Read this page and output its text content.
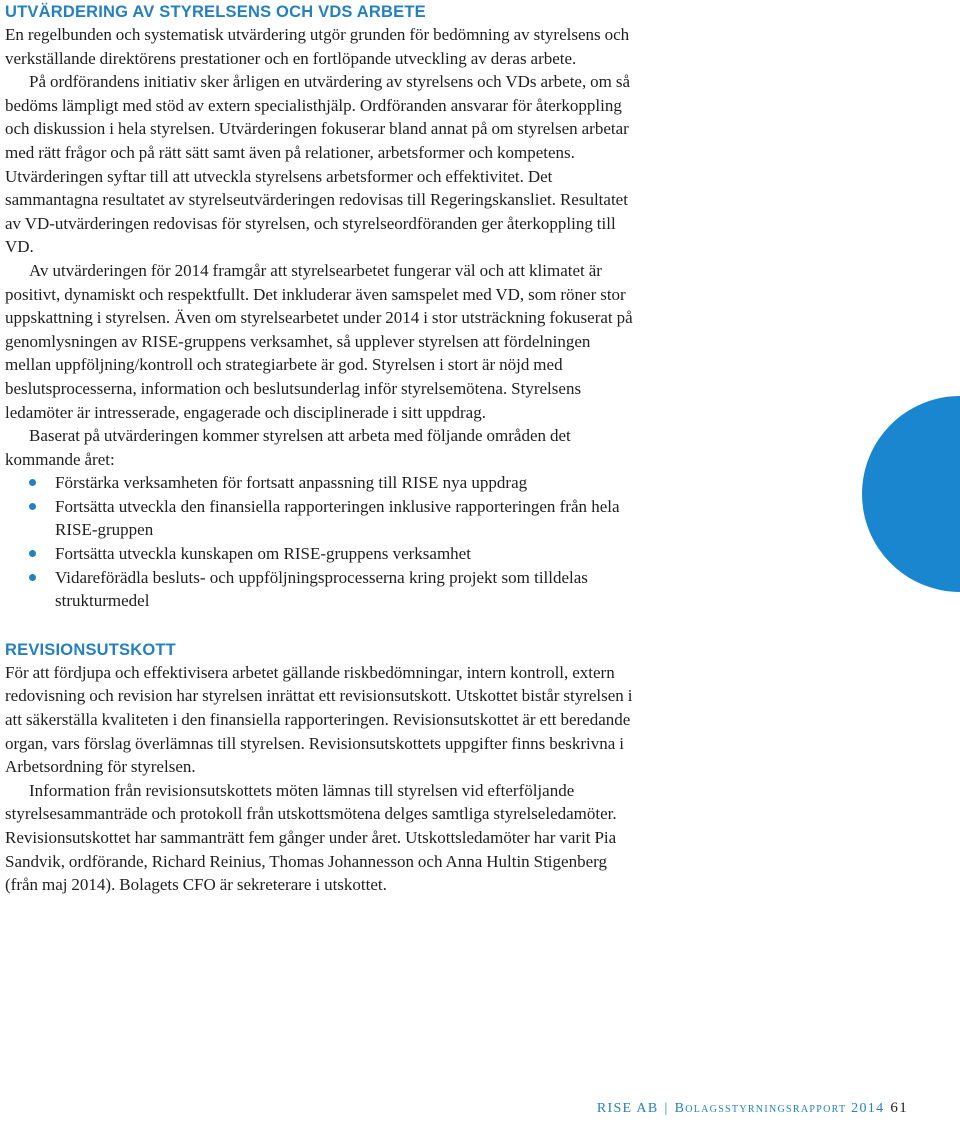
UTVÄRDERING AV STYRELSENS OCH VDS ARBETE

En regelbunden och systematisk utvärdering utgör grunden för bedömning av styrelsens och verkställande direktörens prestationer och en fortlöpande utveckling av deras arbete.

På ordförandens initiativ sker årligen en utvärdering av styrelsens och VDs arbete, om så bedöms lämpligt med stöd av extern specialisthjälp. Ordföranden ansvarar för återkoppling och diskussion i hela styrelsen. Utvärderingen fokuserar bland annat på om styrelsen arbetar med rätt frågor och på rätt sätt samt även på relationer, arbetsformer och kompetens. Utvärderingen syftar till att utveckla styrelsens arbetsformer och effektivitet. Det sammantagna resultatet av styrelseutvärderingen redovisas till Regeringskansliet. Resultatet av VD-utvärderingen redovisas för styrelsen, och styrelseordföranden ger återkoppling till VD.

Av utvärderingen för 2014 framgår att styrelsearbetet fungerar väl och att klimatet är positivt, dynamiskt och respektfullt. Det inkluderar även samspelet med VD, som röner stor uppskattning i styrelsen. Även om styrelsearbetet under 2014 i stor utsträckning fokuserat på genomlysningen av RISE-gruppens verksamhet, så upplever styrelsen att fördelningen mellan uppföljning/kontroll och strategiarbete är god. Styrelsen i stort är nöjd med beslutsprocesserna, information och beslutsunderlag inför styrelsemötena. Styrelsens ledamöter är intresserade, engagerade och disciplinerade i sitt uppdrag.

Baserat på utvärderingen kommer styrelsen att arbeta med följande områden det kommande året:

Förstärka verksamheten för fortsatt anpassning till RISE nya uppdrag
Fortsätta utveckla den finansiella rapporteringen inklusive rapporteringen från hela RISE-gruppen
Fortsätta utveckla kunskapen om RISE-gruppens verksamhet
Vidareförädla besluts- och uppföljningsprocesserna kring projekt som tilldelas strukturmedel
REVISIONSUTSKOTT

För att fördjupa och effektivisera arbetet gällande riskbedömningar, intern kontroll, extern redovisning och revision har styrelsen inrättat ett revisionsutskott. Utskottet bistår styrelsen i att säkerställa kvaliteten i den finansiella rapporteringen. Revisionsutskottet är ett beredande organ, vars förslag överlämnas till styrelsen. Revisionsutskottets uppgifter finns beskrivna i Arbetsordning för styrelsen.

Information från revisionsutskottets möten lämnas till styrelsen vid efterföljande styrelsesammanträde och protokoll från utskottsmötena delges samtliga styrelseledamöter. Revisionsutskottet har sammanträtt fem gånger under året. Utskottsledamöter har varit Pia Sandvik, ordförande, Richard Reinius, Thomas Johannesson och Anna Hultin Stigenberg (från maj 2014). Bolagets CFO är sekreterare i utskottet.

RISE AB | Bolagsstyrningsrapport 2014 61
